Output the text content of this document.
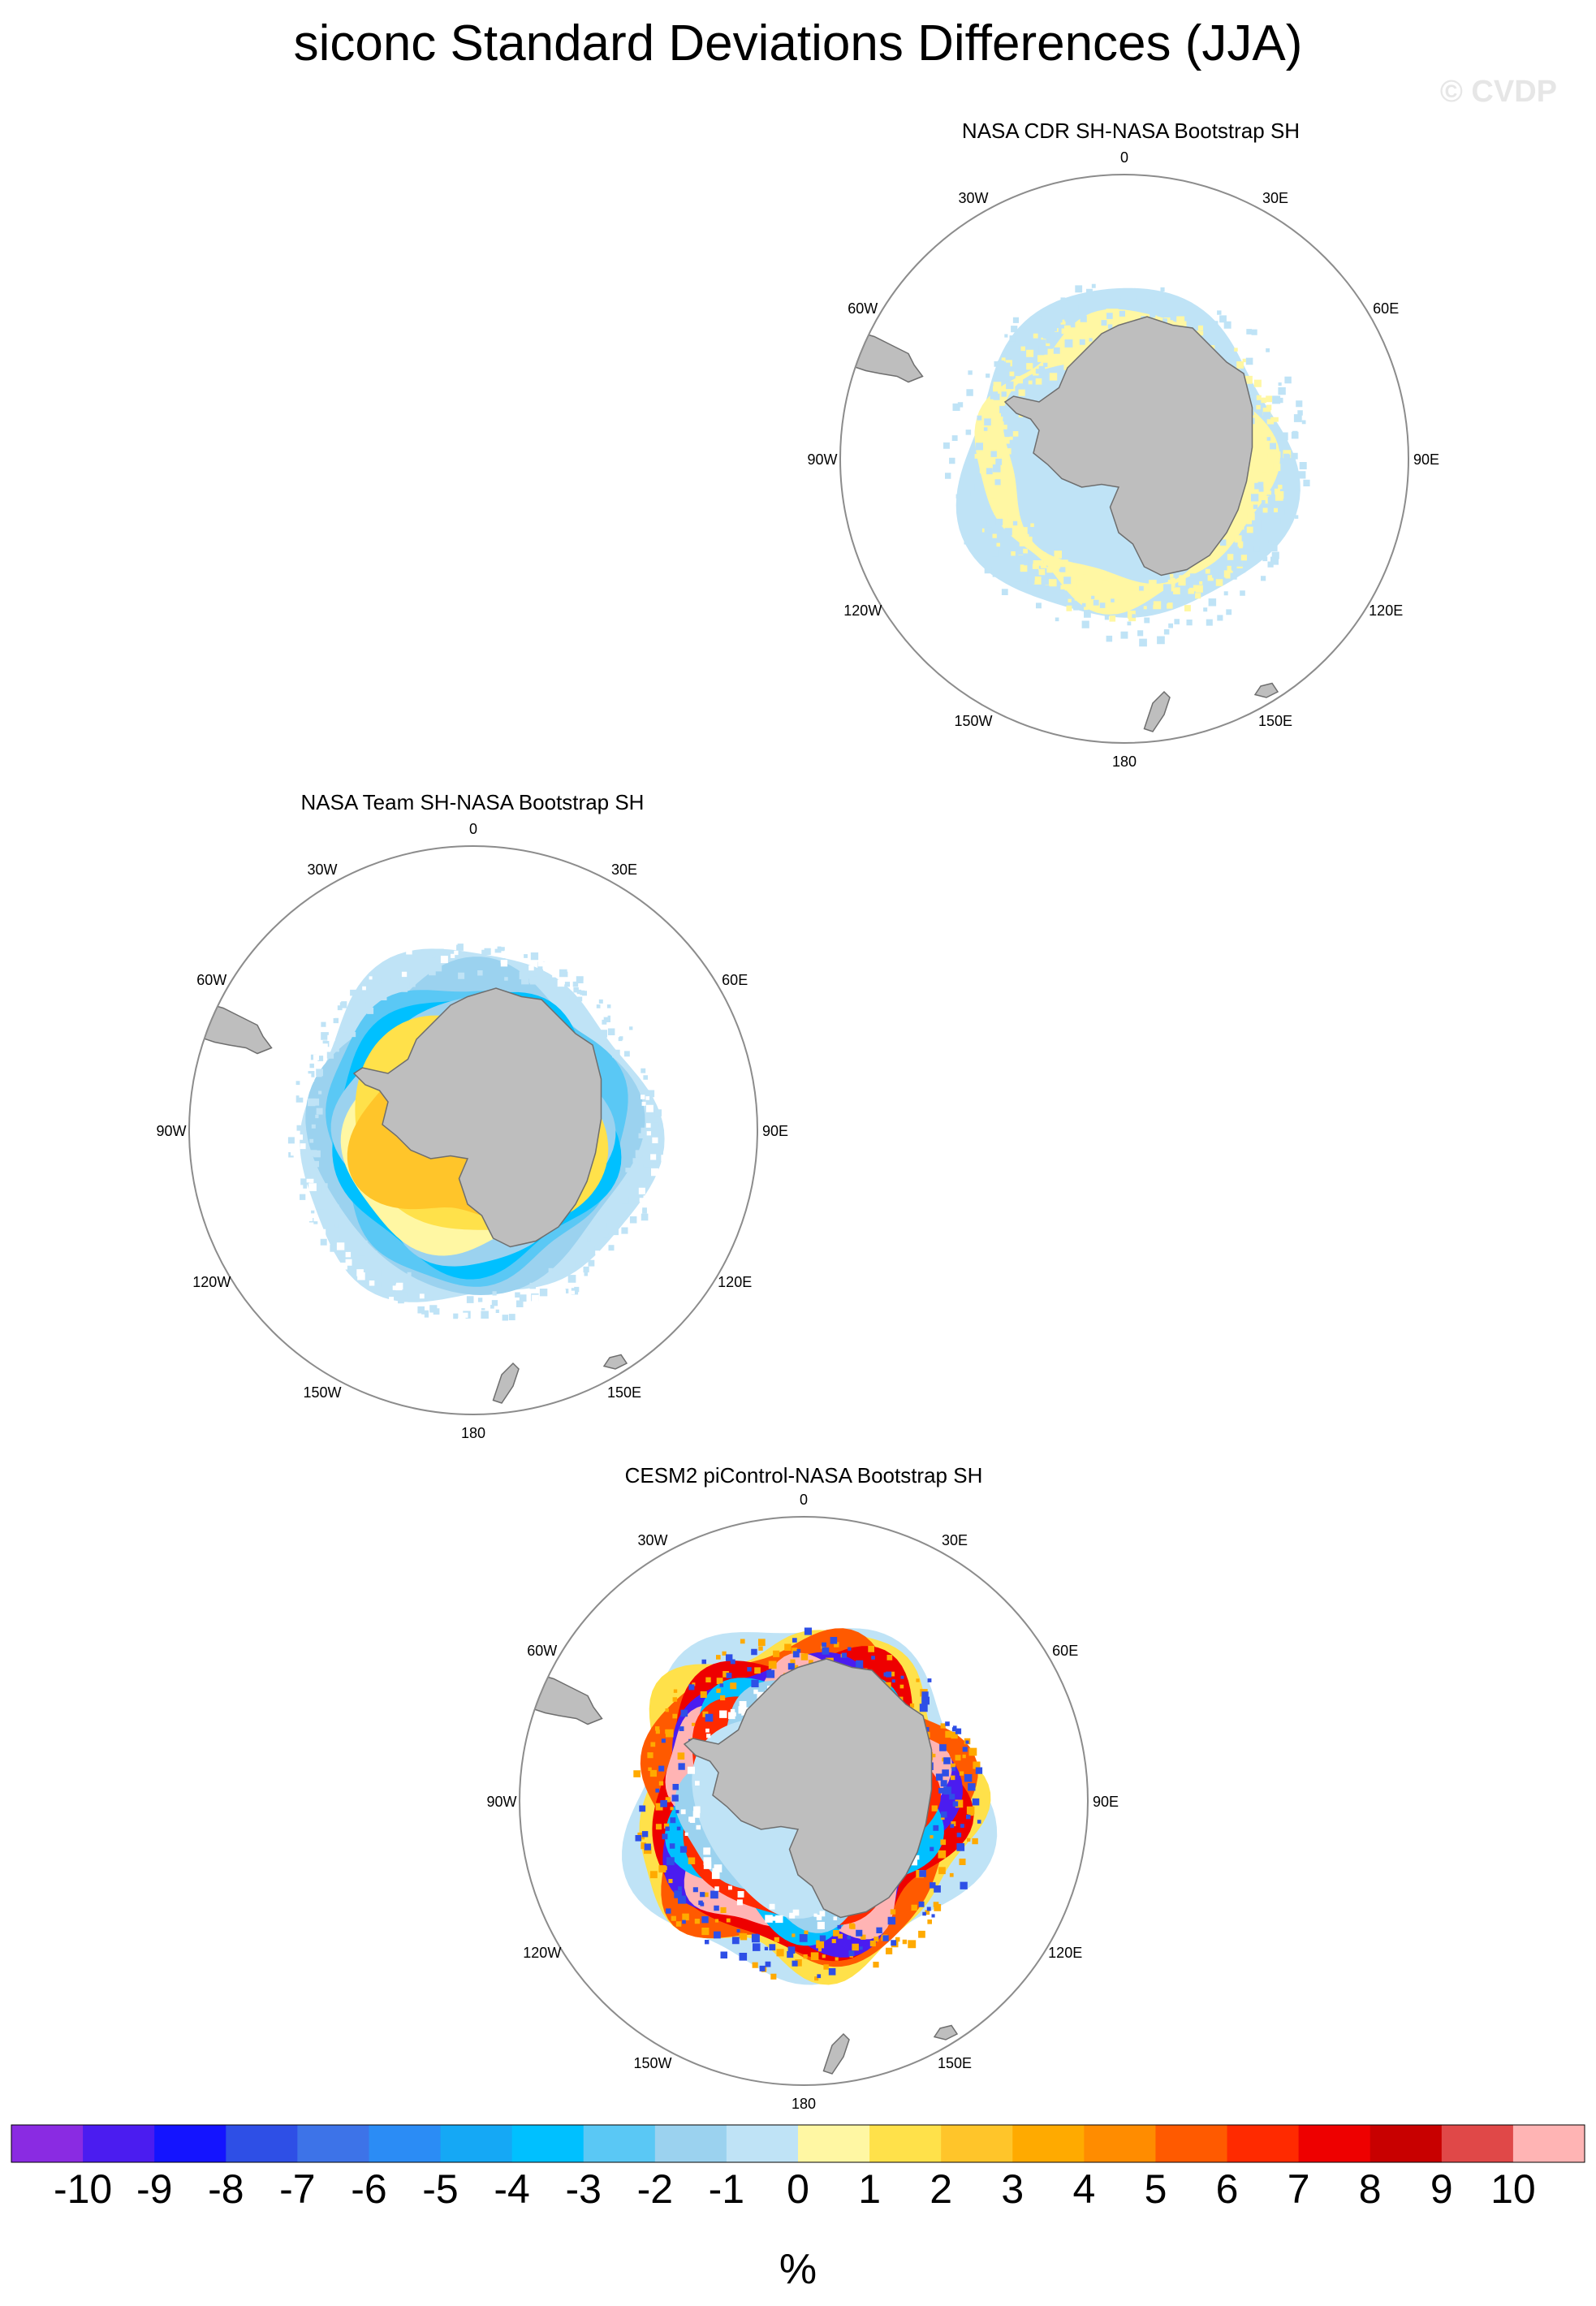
siconc Standard Deviations Differences (JJA)
© CVDP
NASA CDR SH-NASA Bootstrap SH
NASA Team SH-NASA Bootstrap SH
CESM2 piControl-NASA Bootstrap SH
0
30E
60E
90E
120E
150E
180
150W
120W
90W
60W
30W
0
30E
60E
90E
120E
150E
180
150W
120W
90W
60W
30W
0
30E
60E
90E
120E
150E
180
150W
120W
90W
60W
30W
-10 -9 -8 -7 -6 -5 -4 -3 -2 -1 0 1 2 3 4 5 6 7 8 9 10
%
